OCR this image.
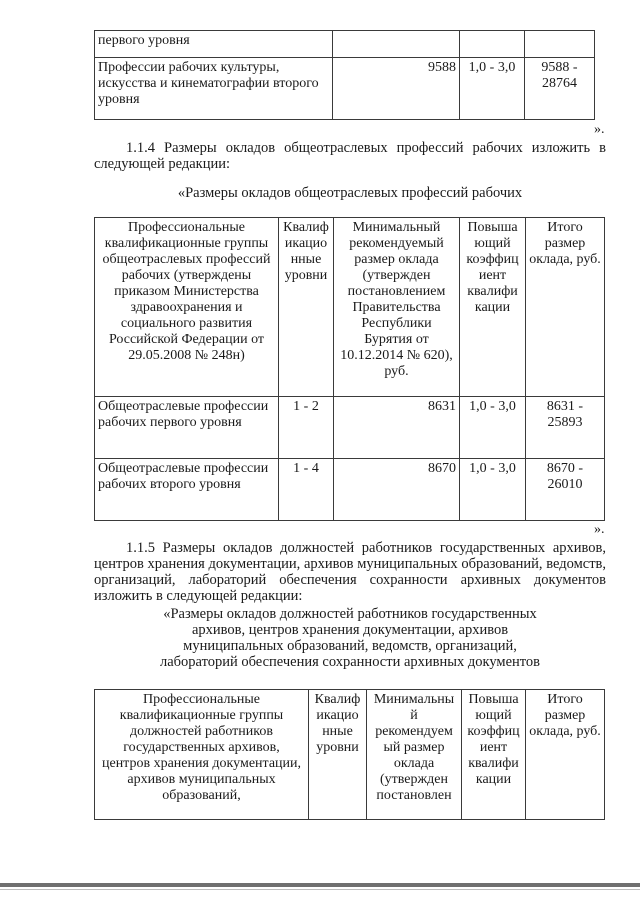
первого уровня			
Профессии рабочих культуры, искусства и кинематографии второго уровня	9588	1,0 - 3,0	9588 - 28764
».
1.1.4 Размеры окладов общеотраслевых профессий рабочих изложить в следующей редакции:
«Размеры окладов общеотраслевых профессий рабочих
Профессиональные квалификационные группы общеотраслевых профессий рабочих (утверждены приказом Министерства здравоохранения и социального развития Российской Федерации от 29.05.2008 № 248н)	Квалиф икацио нные уровни	Минимальный рекомендуемый размер оклада (утвержден постановлением Правительства Республики Бурятия от 10.12.2014 № 620), руб.	Повыша ющий коэффиц иент квалифи кации	Итого размер оклада, руб.
Общеотраслевые профессии рабочих первого уровня	1 - 2	8631	1,0 - 3,0	8631 - 25893
Общеотраслевые профессии рабочих второго уровня	1 - 4	8670	1,0 - 3,0	8670 - 26010
».
1.1.5 Размеры окладов должностей работников государственных архивов, центров хранения документации, архивов муниципальных образований, ведомств, организаций, лабораторий обеспечения сохранности архивных документов изложить в следующей редакции:
«Размеры окладов должностей работников государственных
архивов, центров хранения документации, архивов
муниципальных образований, ведомств, организаций,
лабораторий обеспечения сохранности архивных документов
Профессиональные квалификационные группы должностей работников государственных архивов, центров хранения документации, архивов муниципальных образований,	Квалиф икацио нные уровни	Минимальны й рекомендуем ый размер оклада (утвержден постановлен	Повыша ющий коэффиц иент квалифи кации	Итого размер оклада, руб.
